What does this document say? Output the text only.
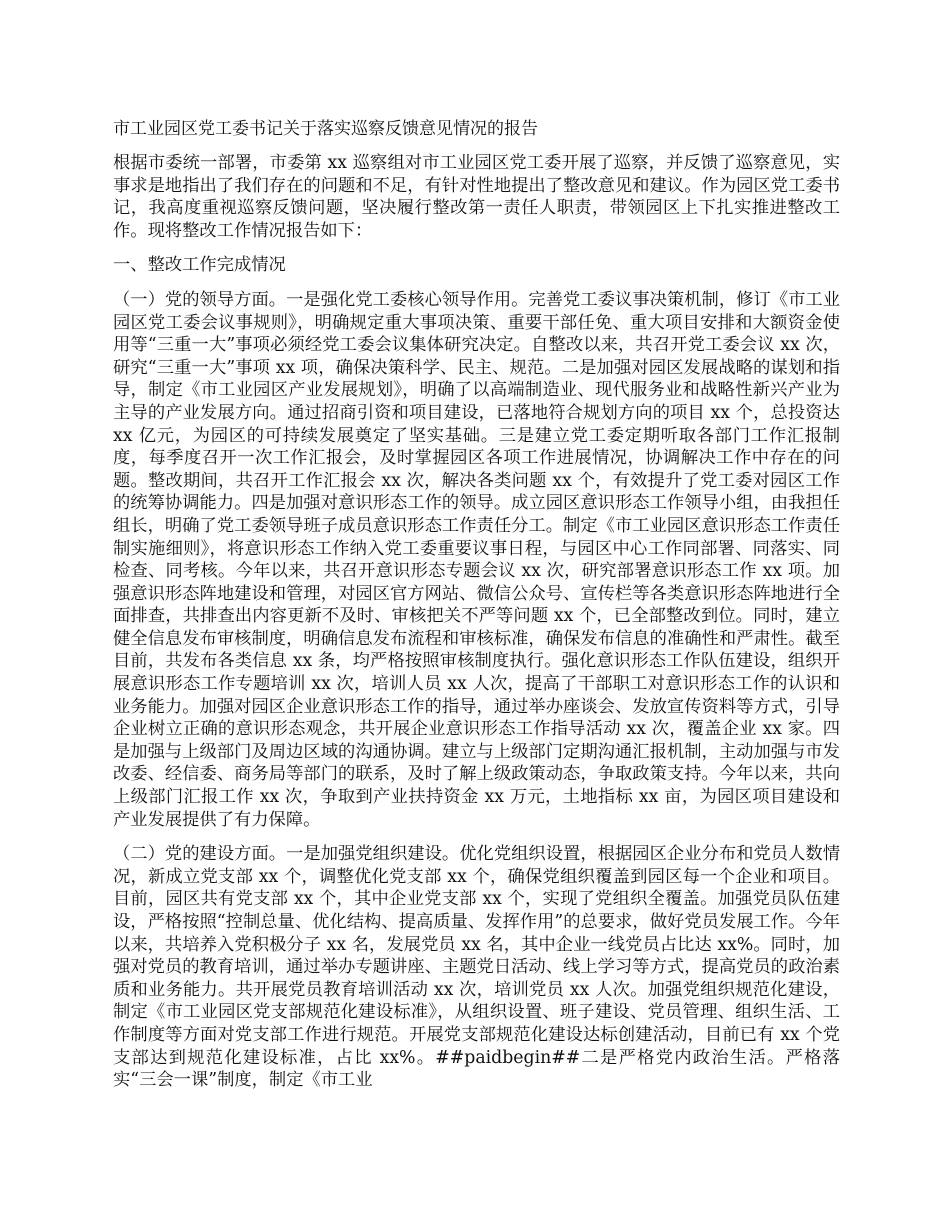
市工业园区党工委书记关于落实巡察反馈意见情况的报告

根据市委统一部署，市委第 xx 巡察组对市工业园区党工委开展了巡察，并反馈了巡察意见，实事求是地指出了我们存在的问题和不足，有针对性地提出了整改意见和建议。作为园区党工委书记，我高度重视巡察反馈问题，坚决履行整改第一责任人职责，带领园区上下扎实推进整改工作。现将整改工作情况报告如下：

一、整改工作完成情况

（一）党的领导方面。一是强化党工委核心领导作用。完善党工委议事决策机制，修订《市工业园区党工委会议事规则》，明确规定重大事项决策、重要干部任免、重大项目安排和大额资金使用等“三重一大”事项必须经党工委会议集体研究决定。自整改以来，共召开党工委会议 xx 次，研究“三重一大”事项 xx 项，确保决策科学、民主、规范。二是加强对园区发展战略的谋划和指导，制定《市工业园区产业发展规划》，明确了以高端制造业、现代服务业和战略性新兴产业为主导的产业发展方向。通过招商引资和项目建设，已落地符合规划方向的项目 xx 个，总投资达 xx 亿元，为园区的可持续发展奠定了坚实基础。三是建立党工委定期听取各部门工作汇报制度，每季度召开一次工作汇报会，及时掌握园区各项工作进展情况，协调解决工作中存在的问题。整改期间，共召开工作汇报会 xx 次，解决各类问题 xx 个，有效提升了党工委对园区工作的统筹协调能力。四是加强对意识形态工作的领导。成立园区意识形态工作领导小组，由我担任组长，明确了党工委领导班子成员意识形态工作责任分工。制定《市工业园区意识形态工作责任制实施细则》，将意识形态工作纳入党工委重要议事日程，与园区中心工作同部署、同落实、同检查、同考核。今年以来，共召开意识形态专题会议 xx 次，研究部署意识形态工作 xx 项。加强意识形态阵地建设和管理，对园区官方网站、微信公众号、宣传栏等各类意识形态阵地进行全面排查，共排查出内容更新不及时、审核把关不严等问题 xx 个，已全部整改到位。同时，建立健全信息发布审核制度，明确信息发布流程和审核标准，确保发布信息的准确性和严肃性。截至目前，共发布各类信息 xx 条，均严格按照审核制度执行。强化意识形态工作队伍建设，组织开展意识形态工作专题培训 xx 次，培训人员 xx 人次，提高了干部职工对意识形态工作的认识和业务能力。加强对园区企业意识形态工作的指导，通过举办座谈会、发放宣传资料等方式，引导企业树立正确的意识形态观念，共开展企业意识形态工作指导活动 xx 次，覆盖企业 xx 家。四是加强与上级部门及周边区域的沟通协调。建立与上级部门定期沟通汇报机制，主动加强与市发改委、经信委、商务局等部门的联系，及时了解上级政策动态，争取政策支持。今年以来，共向上级部门汇报工作 xx 次，争取到产业扶持资金 xx 万元，土地指标 xx 亩，为园区项目建设和产业发展提供了有力保障。

（二）党的建设方面。一是加强党组织建设。优化党组织设置，根据园区企业分布和党员人数情况，新成立党支部 xx 个，调整优化党支部 xx 个，确保党组织覆盖到园区每一个企业和项目。目前，园区共有党支部 xx 个，其中企业党支部 xx 个，实现了党组织全覆盖。加强党员队伍建设，严格按照“控制总量、优化结构、提高质量、发挥作用”的总要求，做好党员发展工作。今年以来，共培养入党积极分子 xx 名，发展党员 xx 名，其中企业一线党员占比达 xx%。同时，加强对党员的教育培训，通过举办专题讲座、主题党日活动、线上学习等方式，提高党员的政治素质和业务能力。共开展党员教育培训活动 xx 次，培训党员 xx 人次。加强党组织规范化建设，制定《市工业园区党支部规范化建设标准》，从组织设置、班子建设、党员管理、组织生活、工作制度等方面对党支部工作进行规范。开展党支部规范化建设达标创建活动，目前已有 xx 个党支部达到规范化建设标准，占比 xx%。##paidbegin##二是严格党内政治生活。严格落实“三会一课”制度，制定《市工业
